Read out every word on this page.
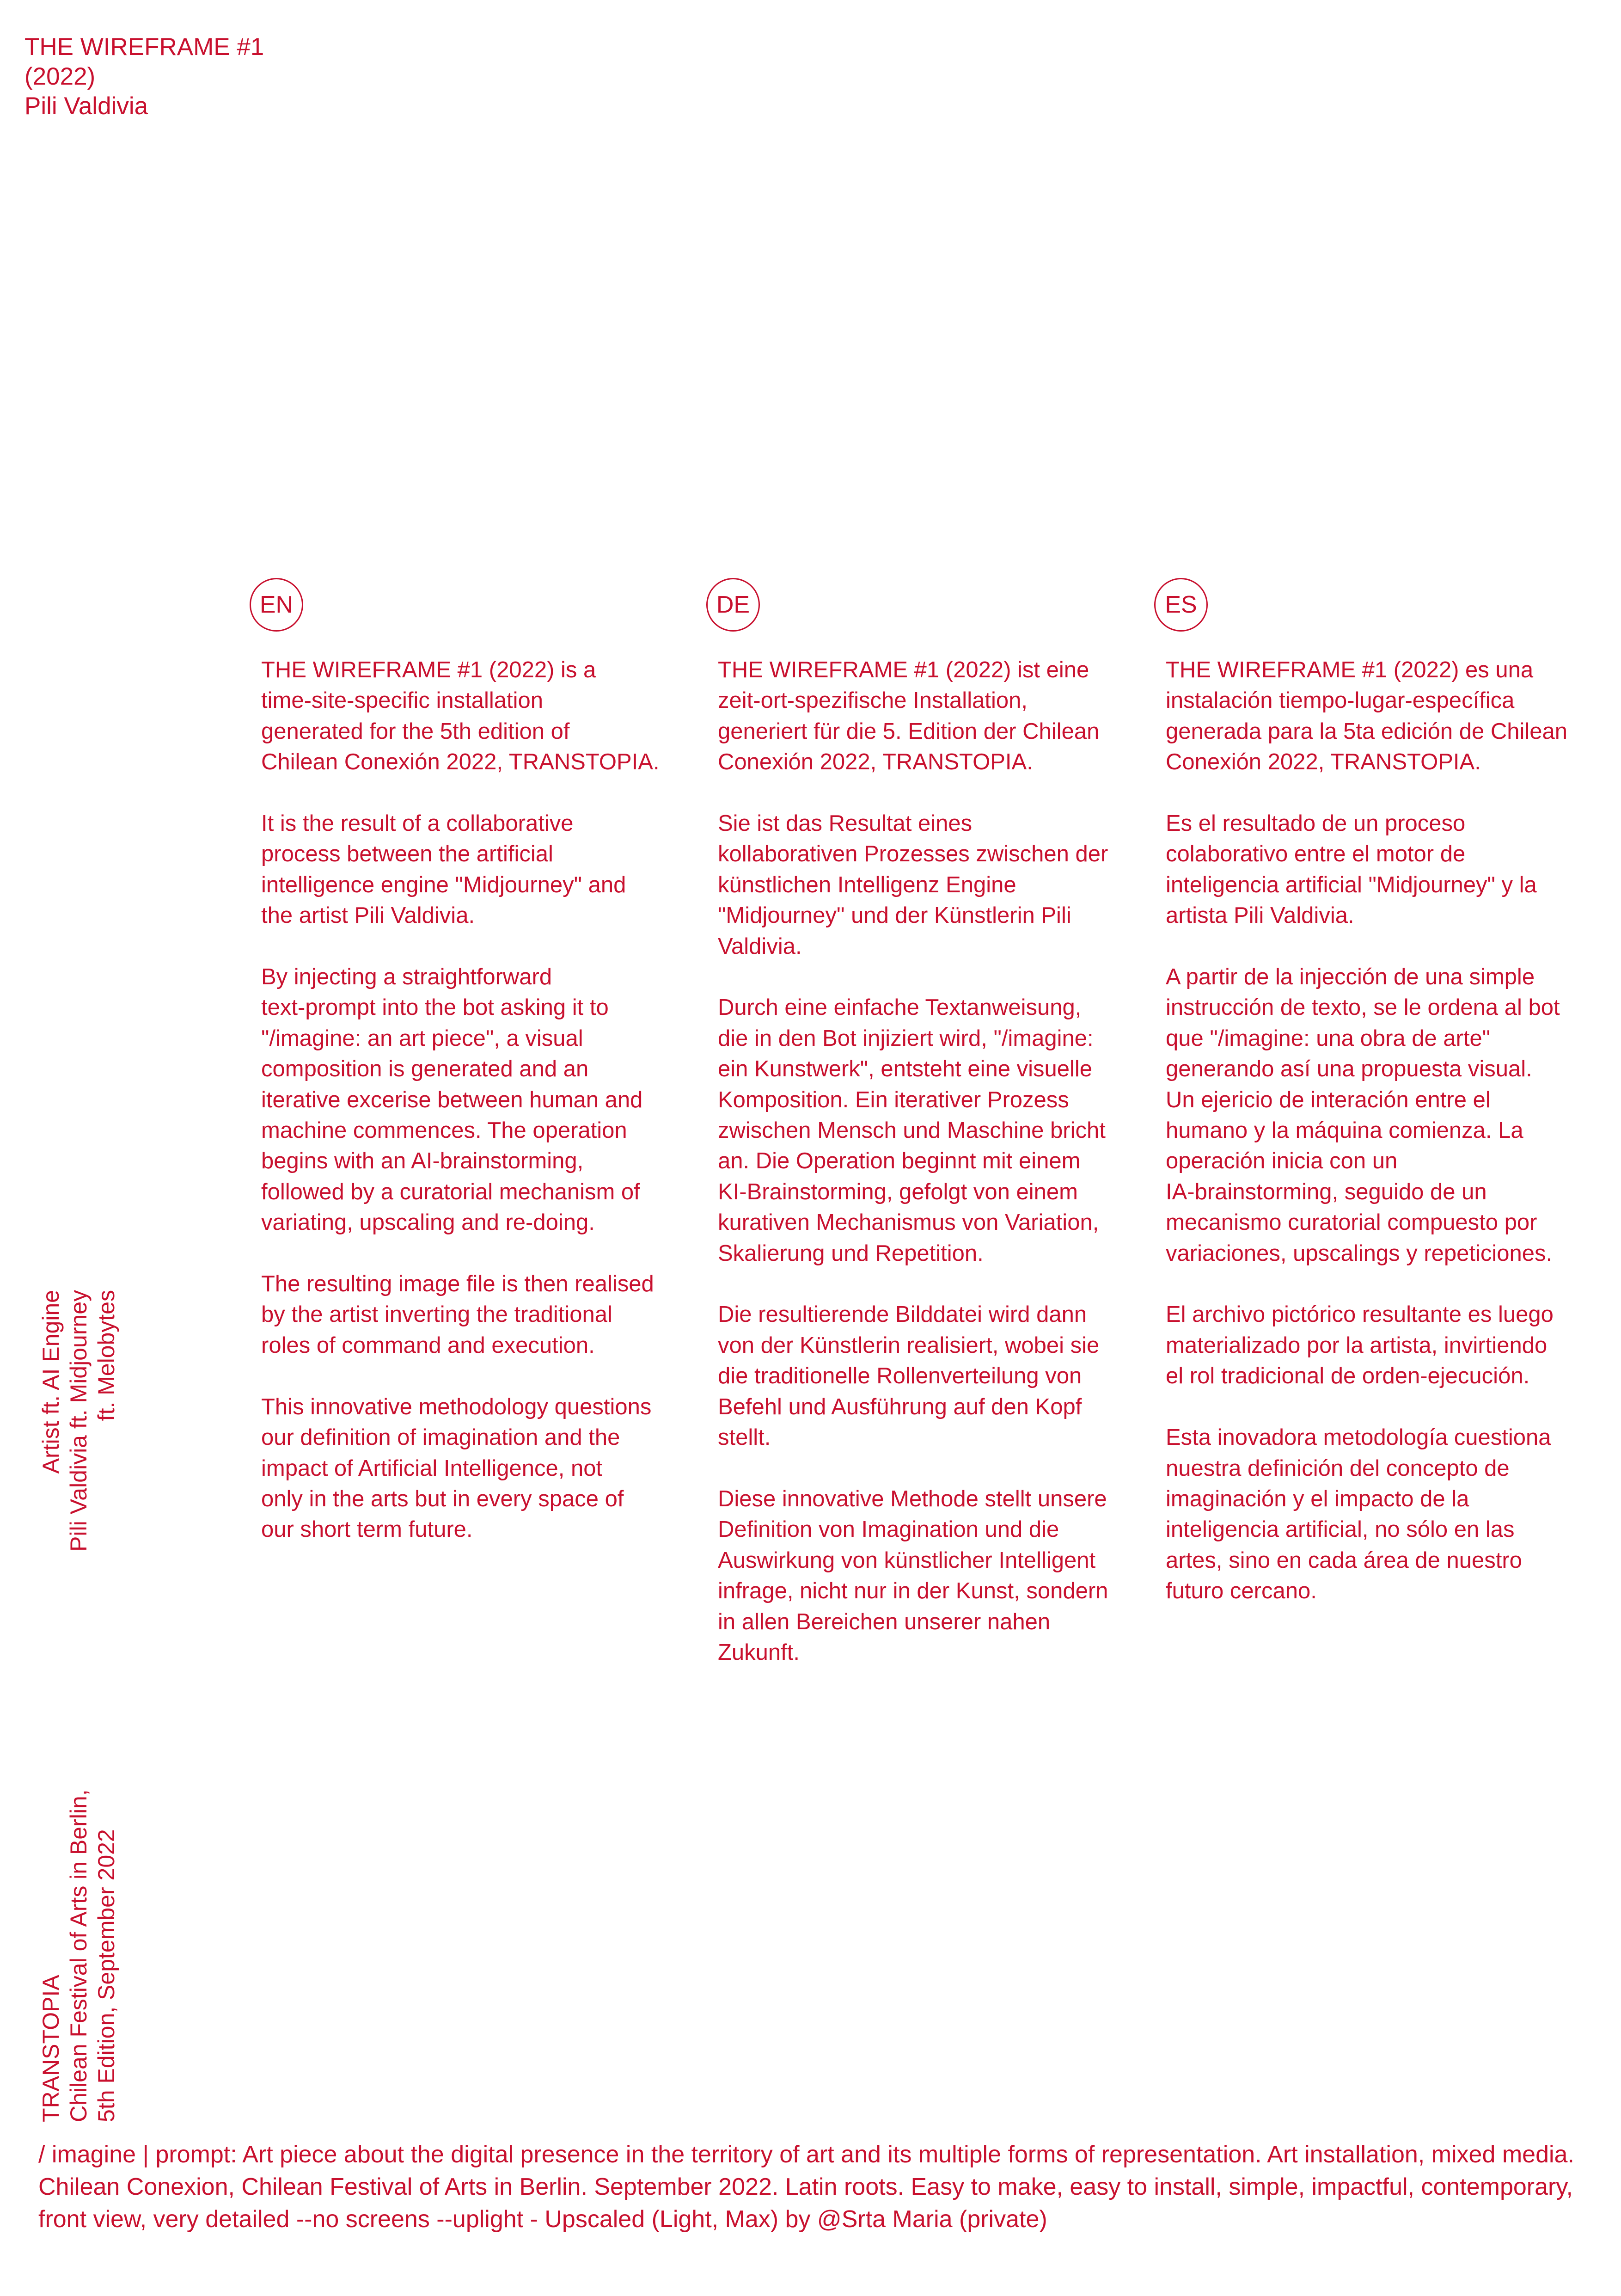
THE WIREFRAME #1
(2022)
Pili Valdivia
EN

THE WIREFRAME #1 (2022) is a
time-site-specific installation
generated for the 5th edition of
Chilean Conexión 2022, TRANSTOPIA.

It is the result of a collaborative
process between the artificial
intelligence engine "Midjourney" and
the artist Pili Valdivia.

By injecting a straightforward
text-prompt into the bot asking it to
"/imagine: an art piece", a visual
composition is generated and an
iterative excerise between human and
machine commences. The operation
begins with an AI-brainstorming,
followed by a curatorial mechanism of
variating, upscaling and re-doing.

The resulting image file is then realised
by the artist inverting the traditional
roles of command and execution.

This innovative methodology questions
our definition of imagination and the
impact of Artificial Intelligence, not
only in the arts but in every space of
our short term future.

DE

THE WIREFRAME #1 (2022) ist eine
zeit-ort-spezifische Installation,
generiert für die 5. Edition der Chilean
Conexión 2022, TRANSTOPIA.

Sie ist das Resultat eines
kollaborativen Prozesses zwischen der
künstlichen Intelligenz Engine
"Midjourney" und der Künstlerin Pili
Valdivia.

Durch eine einfache Textanweisung,
die in den Bot injiziert wird, "/imagine:
ein Kunstwerk", entsteht eine visuelle
Komposition. Ein iterativer Prozess
zwischen Mensch und Maschine bricht
an. Die Operation beginnt mit einem
KI-Brainstorming, gefolgt von einem
kurativen Mechanismus von Variation,
Skalierung und Repetition.

Die resultierende Bilddatei wird dann
von der Künstlerin realisiert, wobei sie
die traditionelle Rollenverteilung von
Befehl und Ausführung auf den Kopf
stellt.

Diese innovative Methode stellt unsere
Definition von Imagination und die
Auswirkung von künstlicher Intelligent
infrage, nicht nur in der Kunst, sondern
in allen Bereichen unserer nahen
Zukunft.

ES

THE WIREFRAME #1 (2022) es una
instalación tiempo-lugar-específica
generada para la 5ta edición de Chilean
Conexión 2022, TRANSTOPIA.

Es el resultado de un proceso
colaborativo entre el motor de
inteligencia artificial "Midjourney" y la
artista Pili Valdivia.

A partir de la injección de una simple
instrucción de texto, se le ordena al bot
que "/imagine: una obra de arte"
generando así una propuesta visual.
Un ejericio de interación entre el
humano y la máquina comienza. La
operación inicia con un
IA-brainstorming, seguido de un
mecanismo curatorial compuesto por
variaciones, upscalings y repeticiones.

El archivo pictórico resultante es luego
materializado por la artista, invirtiendo
el rol tradicional de orden-ejecución.

Esta inovadora metodología cuestiona
nuestra definición del concepto de
imaginación y el impacto de la
inteligencia artificial, no sólo en las
artes, sino en cada área de nuestro
futuro cercano.

Artist ft. AI Engine Pili Valdivia ft. Midjourney ft. Melobytes
TRANSTOPIA Chilean Festival of Arts in Berlin, 5th Edition, September 2022
/ imagine | prompt: Art piece about the digital presence in the territory of art and its multiple forms of representation. Art installation, mixed media.
Chilean Conexion, Chilean Festival of Arts in Berlin. September 2022. Latin roots. Easy to make, easy to install, simple, impactful, contemporary,
front view, very detailed --no screens --uplight - Upscaled (Light, Max) by @Srta Maria (private)
